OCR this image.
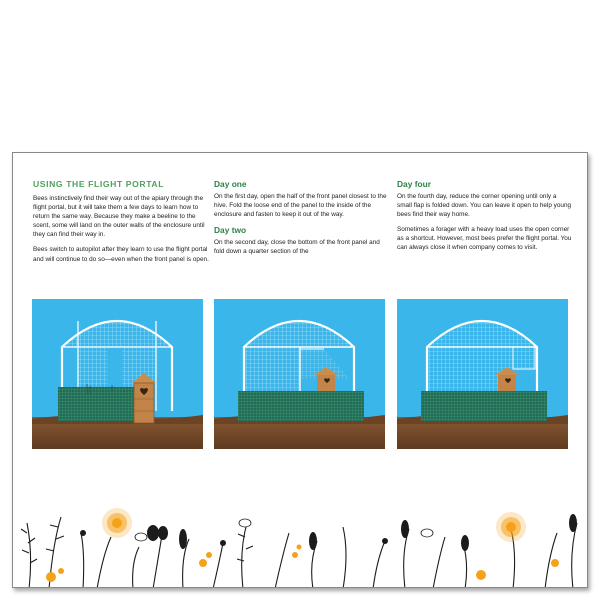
USING THE FLIGHT PORTAL

Bees instinctively find their way out of the apiary through the flight portal, but it will take them a few days to learn how to return the same way. Because they make a beeline to the scent, some will land on the outer walls of the enclosure until they can find their way in.

Bees switch to autopilot after they learn to use the flight portal and will continue to do so—even when the front panel is open.

Day one

On the first day, open the half of the front panel closest to the hive. Fold the loose end of the panel to the inside of the enclosure and fasten to keep it out of the way.

Day two

On the second day, close the bottom of the front panel and fold down a quarter section of the

Day four

On the fourth day, reduce the corner opening until only a small flap is folded down. You can leave it open to help young bees find their way home.

Sometimes a forager with a heavy load uses the open corner as a shortcut. However, most bees prefer the flight portal. You can always close it when company comes to visit.
